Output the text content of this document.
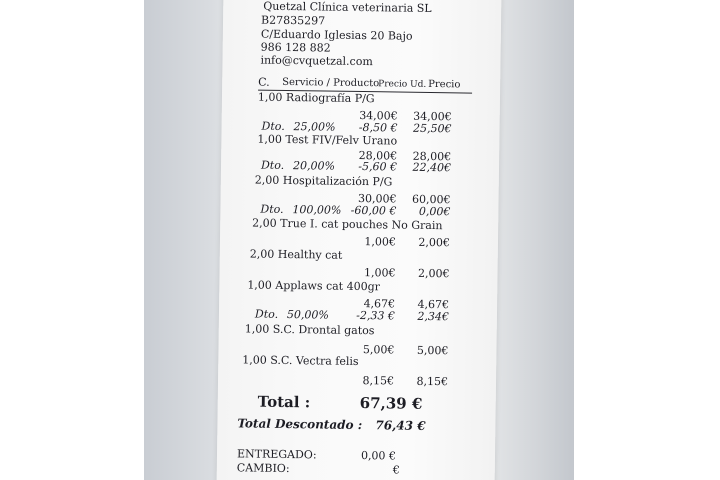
Quetzal Clínica veterinaria SL
B27835297
C/Eduardo Iglesias 20 Bajo
986 128 882
info@cvquetzal.com
C. Servicio / Producto
Precio Ud. Precio
1,00 Radiografía P/G
34,00€	34,00€
Dto. 25,00%	-8,50 €	25,50€
1,00 Test FIV/Felv Urano
28,00€	28,00€
Dto. 20,00%	-5,60 €	22,40€
2,00 Hospitalización P/G
30,00€	60,00€
Dto. 100,00% -60,00 €	0,00€
2,00 True I. cat pouches No Grain
1,00€	2,00€
2,00 Healthy cat
1,00€	2,00€
1,00 Applaws cat 400gr
4,67€	4,67€
Dto. 50,00%	-2,33 €	2,34€
1,00 S.C. Drontal gatos
5,00€	5,00€
1,00 S.C. Vectra felis
8,15€	8,15€
Total :	67,39 €
Total Descontado : 76,43 €
ENTREGADO:	0,00 €
CAMBIO:	€
